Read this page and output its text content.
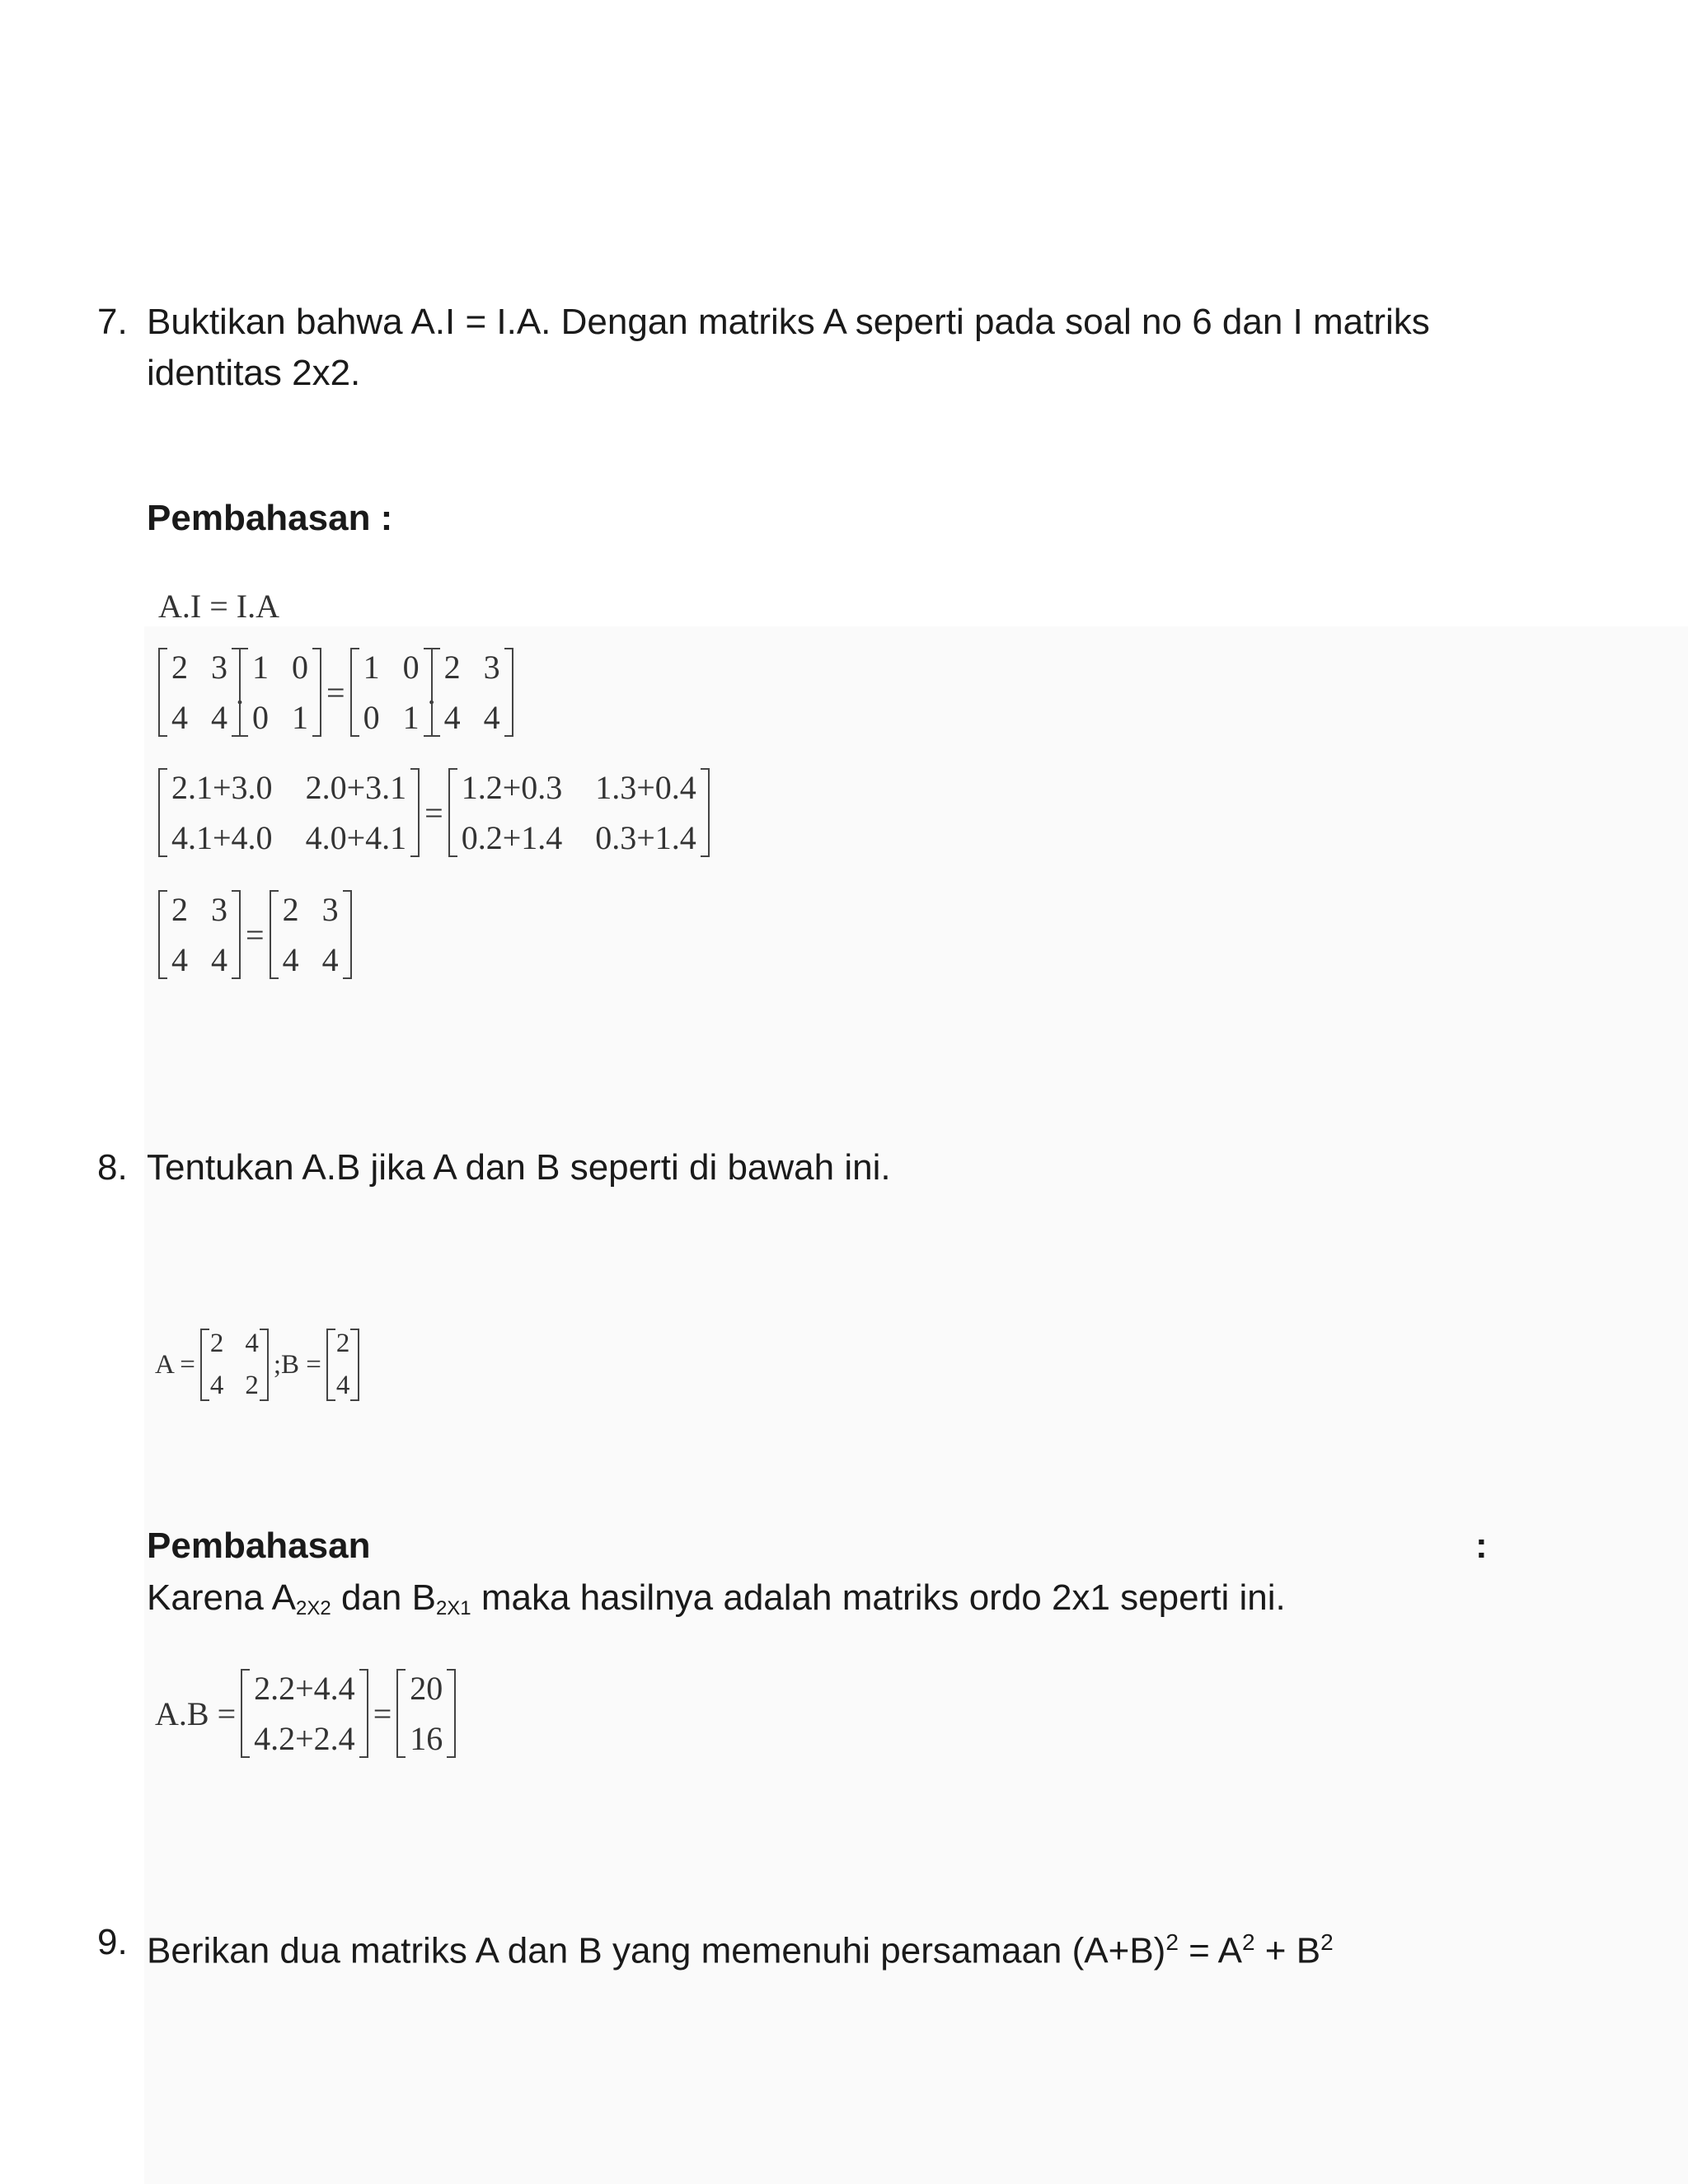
7. Buktikan bahwa A.I = I.A. Dengan matriks A seperti pada soal no 6 dan I matriks
identitas 2x2.
Pembahasan :
A.I = I.A
2 3
4 4
.
1 0
0 1
=
1 0
0 1
.
2 3
4 4
2.1+3.0 2.0+3.1
4.1+4.0 4.0+4.1
=
1.2+0.3 1.3+0.4
0.2+1.4 0.3+1.4
2 3
4 4
=
2 3
4 4
8. Tentukan A.B jika A dan B seperti di bawah ini.
A =
2 4
4 2
;B =
2
4
Pembahasan	:
Karena $A_{2X2}$ dan $B_{2X1}$ maka hasilnya adalah matriks ordo 2x1 seperti ini.
A.B =
2.2+4.4
4.2+2.4
=
20
16
9. Berikan dua matriks A dan B yang memenuhi persamaan $(A+B)^2 = A^2 + B^2$
